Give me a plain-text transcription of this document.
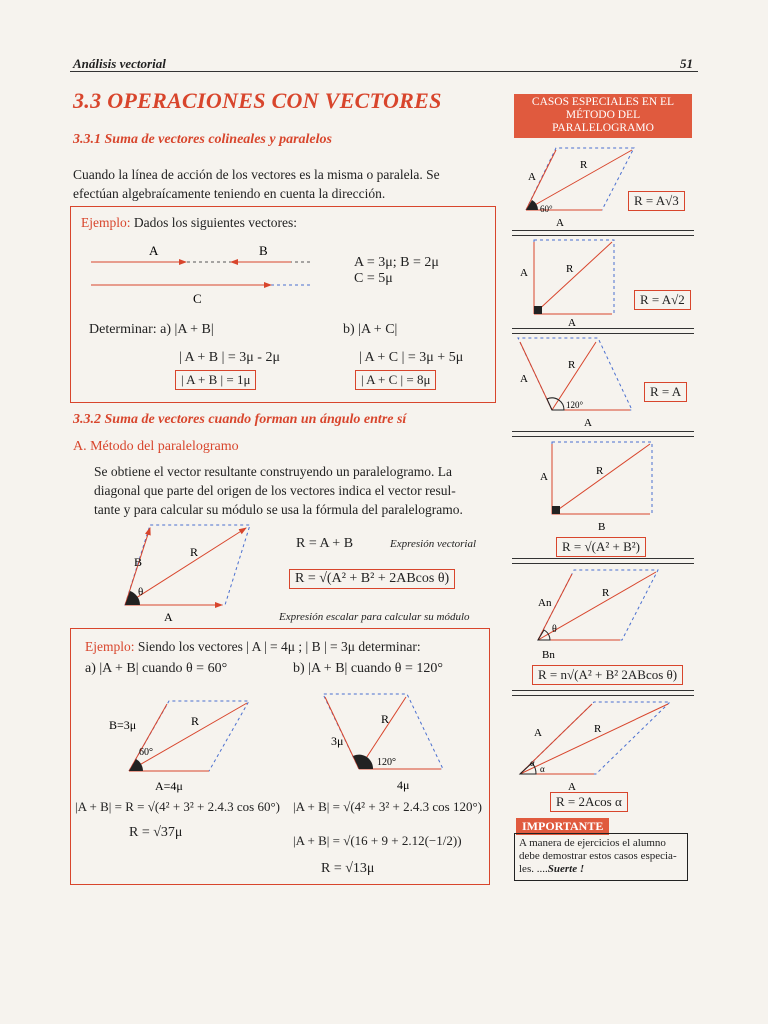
Análisis vectorial	51
3.3 OPERACIONES CON VECTORES
3.3.1 Suma de vectores colineales y paralelos
Cuando la línea de acción de los vectores es la misma o paralela. Se
efectúan algebraícamente teniendo en cuenta la dirección.
Ejemplo: Dados los siguientes vectores:
A	B
C
A = 3μ; B = 2μ
C = 5μ
Determinar: a) |A + B|	b) |A + C|
| A + B | = 3μ - 2μ
| A + B | = 1μ
| A + C | = 3μ + 5μ
| A + C | = 8μ
3.3.2 Suma de vectores cuando forman un ángulo entre sí
A. Método del paralelogramo
Se obtiene el vector resultante construyendo un paralelogramo. La
diagonal que parte del origen de los vectores indica el vector resul-
tante y para calcular su módulo se usa la fórmula del paralelogramo.
B
R
A
θ
R = A + B	Expresión vectorial
R = √(A² + B² + 2ABcos θ)
Expresión escalar para calcular su módulo
Ejemplo: Siendo los vectores | A | = 4μ ; | B | = 3μ determinar:
a) |A + B| cuando θ = 60°	b) |A + B| cuando θ = 120°
B=3μ	R
60°
A=4μ
3μ
R
120°
4μ
|A + B| = R = √(4² + 3² + 2.4.3 cos 60°)
R = √37μ
|A + B| = √(4² + 3² + 2.4.3 cos 120°)
|A + B| = √(16 + 9 + 2.12(−1/2))
R = √13μ
CASOS ESPECIALES EN EL MÉTODO DEL PARALELOGRAMO
A
R
60°
A
R = A√3
A	R
A
R = A√2
A
R
120°
A
R = A
A	R
B
R = √(A² + B²)
An
R
θ
Bn
R = n√(A² + B² 2ABcos θ)
A	R
α
α
A
R = 2Acos α
IMPORTANTE
A manera de ejercicios el alumno debe demostrar estos casos especia- les. ....Suerte !
